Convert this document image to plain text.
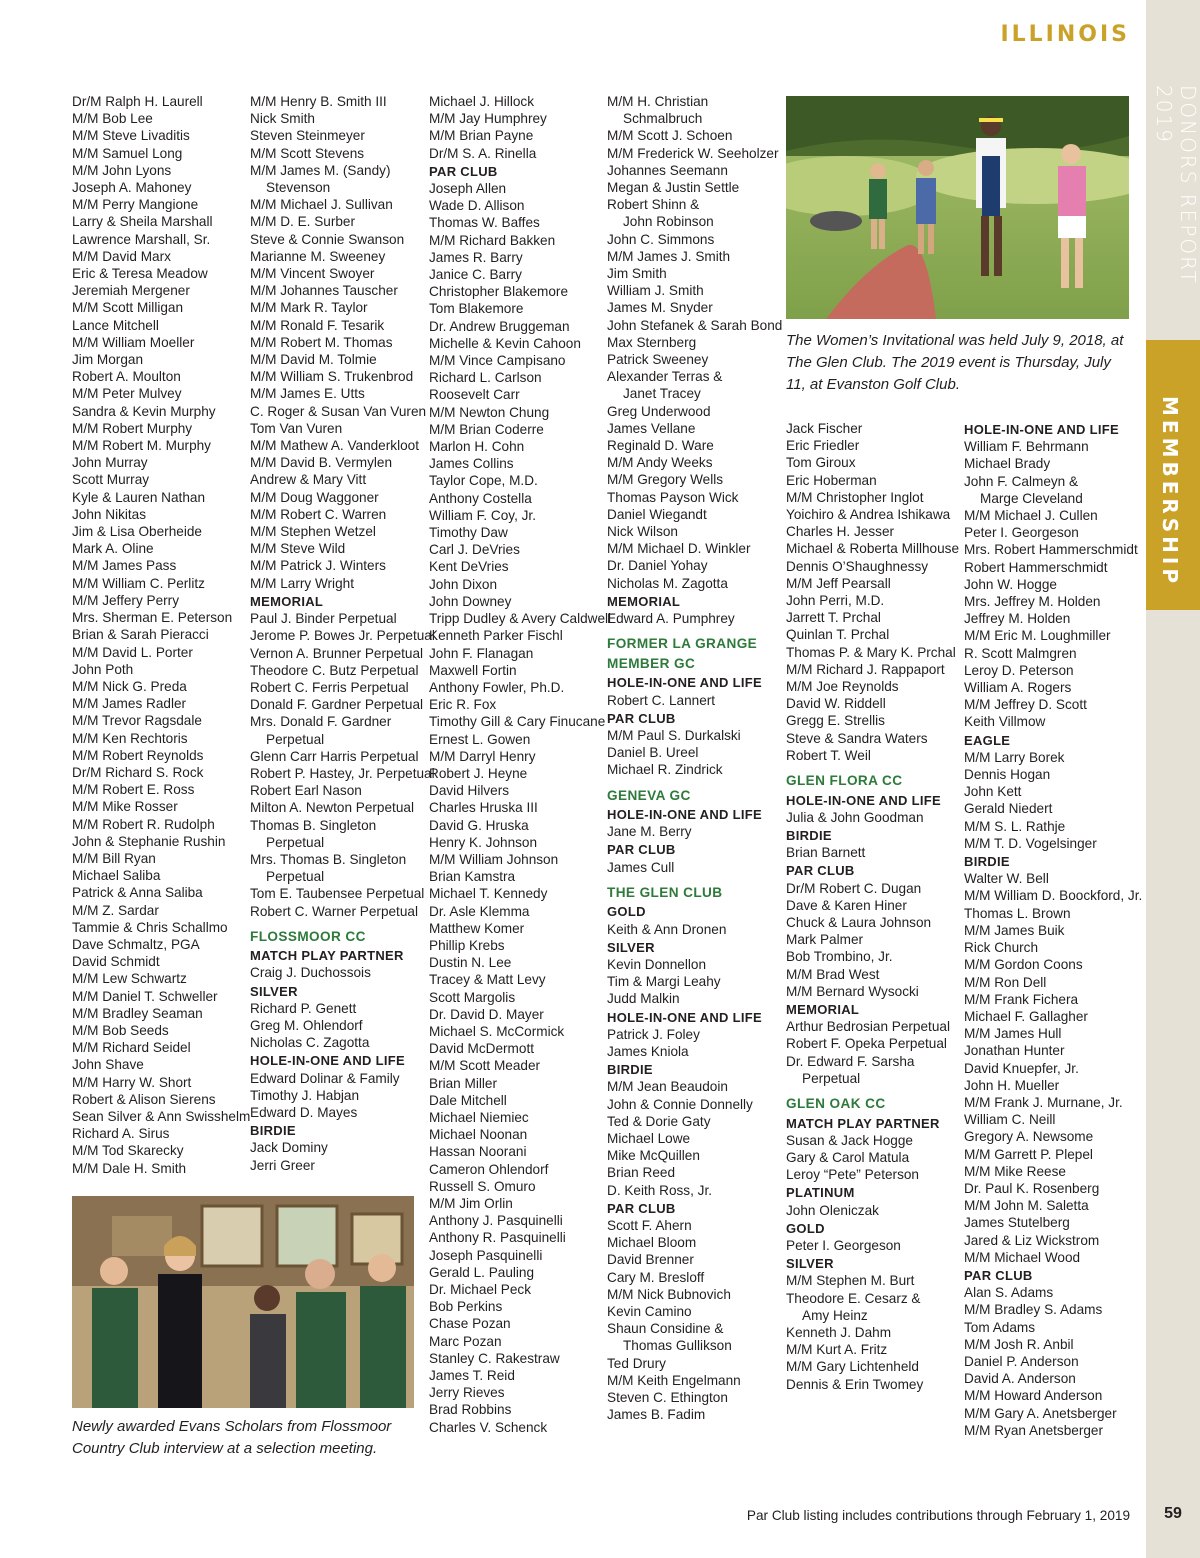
ILLINOIS
DONORS REPORT 2019
MEMBERSHIP
Dr/M Ralph H. Laurell
M/M Bob Lee
M/M Steve Livaditis
M/M Samuel Long
M/M John Lyons
Joseph A. Mahoney
M/M Perry Mangione
Larry & Sheila Marshall
Lawrence Marshall, Sr.
M/M David Marx
Eric & Teresa Meadow
Jeremiah Mergener
M/M Scott Milligan
Lance Mitchell
M/M William Moeller
Jim Morgan
Robert A. Moulton
M/M Peter Mulvey
Sandra & Kevin Murphy
M/M Robert Murphy
M/M Robert M. Murphy
John Murray
Scott Murray
Kyle & Lauren Nathan
John Nikitas
Jim & Lisa Oberheide
Mark A. Oline
M/M James Pass
M/M William C. Perlitz
M/M Jeffery Perry
Mrs. Sherman E. Peterson
Brian & Sarah Pieracci
M/M David L. Porter
John Poth
M/M Nick G. Preda
M/M James Radler
M/M Trevor Ragsdale
M/M Ken Rechtoris
M/M Robert Reynolds
Dr/M Richard S. Rock
M/M Robert E. Ross
M/M Mike Rosser
M/M Robert R. Rudolph
John & Stephanie Rushin
M/M Bill Ryan
Michael Saliba
Patrick & Anna Saliba
M/M Z. Sardar
Tammie & Chris Schallmo
Dave Schmaltz, PGA
David Schmidt
M/M Lew Schwartz
M/M Daniel T. Schweller
M/M Bradley Seaman
M/M Bob Seeds
M/M Richard Seidel
John Shave
M/M Harry W. Short
Robert & Alison Sierens
Sean Silver & Ann Swisshelm
Richard A. Sirus
M/M Tod Skarecky
M/M Dale H. Smith
M/M Henry B. Smith III
Nick Smith
Steven Steinmeyer
M/M Scott Stevens
M/M James M. (Sandy)
Stevenson
M/M Michael J. Sullivan
M/M D. E. Surber
Steve & Connie Swanson
Marianne M. Sweeney
M/M Vincent Swoyer
M/M Johannes Tauscher
M/M Mark R. Taylor
M/M Ronald F. Tesarik
M/M Robert M. Thomas
M/M David M. Tolmie
M/M William S. Trukenbrod
M/M James E. Utts
C. Roger & Susan Van Vuren
Tom Van Vuren
M/M Mathew A. Vanderkloot
M/M David B. Vermylen
Andrew & Mary Vitt
M/M Doug Waggoner
M/M Robert C. Warren
M/M Stephen Wetzel
M/M Steve Wild
M/M Patrick J. Winters
M/M Larry Wright
MEMORIAL
Paul J. Binder Perpetual
Jerome P. Bowes Jr. Perpetual
Vernon A. Brunner Perpetual
Theodore C. Butz Perpetual
Robert C. Ferris Perpetual
Donald F. Gardner Perpetual
Mrs. Donald F. Gardner
Perpetual
Glenn Carr Harris Perpetual
Robert P. Hastey, Jr. Perpetual
Robert Earl Nason
Milton A. Newton Perpetual
Thomas B. Singleton
Perpetual
Mrs. Thomas B. Singleton
Perpetual
Tom E. Taubensee Perpetual
Robert C. Warner Perpetual
FLOSSMOOR CC
MATCH PLAY PARTNER
Craig J. Duchossois
SILVER
Richard P. Genett
Greg M. Ohlendorf
Nicholas C. Zagotta
HOLE-IN-ONE AND LIFE
Edward Dolinar & Family
Timothy J. Habjan
Edward D. Mayes
BIRDIE
Jack Dominy
Jerri Greer
Michael J. Hillock
M/M Jay Humphrey
M/M Brian Payne
Dr/M S. A. Rinella
PAR CLUB
Joseph Allen
Wade D. Allison
Thomas W. Baffes
M/M Richard Bakken
James R. Barry
Janice C. Barry
Christopher Blakemore
Tom Blakemore
Dr. Andrew Bruggeman
Michelle & Kevin Cahoon
M/M Vince Campisano
Richard L. Carlson
Roosevelt Carr
M/M Newton Chung
M/M Brian Coderre
Marlon H. Cohn
James Collins
Taylor Cope, M.D.
Anthony Costella
William F. Coy, Jr.
Timothy Daw
Carl J. DeVries
Kent DeVries
John Dixon
John Downey
Tripp Dudley & Avery Caldwell
Kenneth Parker Fischl
John F. Flanagan
Maxwell Fortin
Anthony Fowler, Ph.D.
Eric R. Fox
Timothy Gill & Cary Finucane
Ernest L. Gowen
M/M Darryl Henry
Robert J. Heyne
David Hilvers
Charles Hruska III
David G. Hruska
Henry K. Johnson
M/M William Johnson
Brian Kamstra
Michael T. Kennedy
Dr. Asle Klemma
Matthew Komer
Phillip Krebs
Dustin N. Lee
Tracey & Matt Levy
Scott Margolis
Dr. David D. Mayer
Michael S. McCormick
David McDermott
M/M Scott Meader
Brian Miller
Dale Mitchell
Michael Niemiec
Michael Noonan
Hassan Noorani
Cameron Ohlendorf
Russell S. Omuro
M/M Jim Orlin
Anthony J. Pasquinelli
Anthony R. Pasquinelli
Joseph Pasquinelli
Gerald L. Pauling
Dr. Michael Peck
Bob Perkins
Chase Pozan
Marc Pozan
Stanley C. Rakestraw
James T. Reid
Jerry Rieves
Brad Robbins
Charles V. Schenck
M/M H. Christian
Schmalbruch
M/M Scott J. Schoen
M/M Frederick W. Seeholzer
Johannes Seemann
Megan & Justin Settle
Robert Shinn &
John Robinson
John C. Simmons
M/M James J. Smith
Jim Smith
William J. Smith
James M. Snyder
John Stefanek & Sarah Bond
Max Sternberg
Patrick Sweeney
Alexander Terras &
Janet Tracey
Greg Underwood
James Vellane
Reginald D. Ware
M/M Andy Weeks
M/M Gregory Wells
Thomas Payson Wick
Daniel Wiegandt
Nick Wilson
M/M Michael D. Winkler
Dr. Daniel Yohay
Nicholas M. Zagotta
MEMORIAL
Edward A. Pumphrey
FORMER LA GRANGE
MEMBER GC
HOLE-IN-ONE AND LIFE
Robert C. Lannert
PAR CLUB
M/M Paul S. Durkalski
Daniel B. Ureel
Michael R. Zindrick
GENEVA GC
HOLE-IN-ONE AND LIFE
Jane M. Berry
PAR CLUB
James Cull
THE GLEN CLUB
GOLD
Keith & Ann Dronen
SILVER
Kevin Donnellon
Tim & Margi Leahy
Judd Malkin
HOLE-IN-ONE AND LIFE
Patrick J. Foley
James Kniola
BIRDIE
M/M Jean Beaudoin
John & Connie Donnelly
Ted & Dorie Gaty
Michael Lowe
Mike McQuillen
Brian Reed
D. Keith Ross, Jr.
PAR CLUB
Scott F. Ahern
Michael Bloom
David Brenner
Cary M. Bresloff
M/M Nick Bubnovich
Kevin Camino
Shaun Considine &
Thomas Gullikson
Ted Drury
M/M Keith Engelmann
Steven C. Ethington
James B. Fadim
Jack Fischer
Eric Friedler
Tom Giroux
Eric Hoberman
M/M Christopher Inglot
Yoichiro & Andrea Ishikawa
Charles H. Jesser
Michael & Roberta Millhouse
Dennis O’Shaughnessy
M/M Jeff Pearsall
John Perri, M.D.
Jarrett T. Prchal
Quinlan T. Prchal
Thomas P. & Mary K. Prchal
M/M Richard J. Rappaport
M/M Joe Reynolds
David W. Riddell
Gregg E. Strellis
Steve & Sandra Waters
Robert T. Weil
GLEN FLORA CC
HOLE-IN-ONE AND LIFE
Julia & John Goodman
BIRDIE
Brian Barnett
PAR CLUB
Dr/M Robert C. Dugan
Dave & Karen Hiner
Chuck & Laura Johnson
Mark Palmer
Bob Trombino, Jr.
M/M Brad West
M/M Bernard Wysocki
MEMORIAL
Arthur Bedrosian Perpetual
Robert F. Opeka Perpetual
Dr. Edward F. Sarsha
Perpetual
GLEN OAK CC
MATCH PLAY PARTNER
Susan & Jack Hogge
Gary & Carol Matula
Leroy “Pete” Peterson
PLATINUM
John Oleniczak
GOLD
Peter I. Georgeson
SILVER
M/M Stephen M. Burt
Theodore E. Cesarz &
Amy Heinz
Kenneth J. Dahm
M/M Kurt A. Fritz
M/M Gary Lichtenheld
Dennis & Erin Twomey
HOLE-IN-ONE AND LIFE
William F. Behrmann
Michael Brady
John F. Calmeyn &
Marge Cleveland
M/M Michael J. Cullen
Peter I. Georgeson
Mrs. Robert Hammerschmidt
Robert Hammerschmidt
John W. Hogge
Mrs. Jeffrey M. Holden
Jeffrey M. Holden
M/M Eric M. Loughmiller
R. Scott Malmgren
Leroy D. Peterson
William A. Rogers
M/M Jeffrey D. Scott
Keith Villmow
EAGLE
M/M Larry Borek
Dennis Hogan
John Kett
Gerald Niedert
M/M S. L. Rathje
M/M T. D. Vogelsinger
BIRDIE
Walter W. Bell
M/M William D. Boockford, Jr.
Thomas L. Brown
M/M James Buik
Rick Church
M/M Gordon Coons
M/M Ron Dell
M/M Frank Fichera
Michael F. Gallagher
M/M James Hull
Jonathan Hunter
David Knuepfer, Jr.
John H. Mueller
M/M Frank J. Murnane, Jr.
William C. Neill
Gregory A. Newsome
M/M Garrett P. Plepel
M/M Mike Reese
Dr. Paul K. Rosenberg
M/M John M. Saletta
James Stutelberg
Jared & Liz Wickstrom
M/M Michael Wood
PAR CLUB
Alan S. Adams
M/M Bradley S. Adams
Tom Adams
M/M Josh R. Anbil
Daniel P. Anderson
David A. Anderson
M/M Howard Anderson
M/M Gary A. Anetsberger
M/M Ryan Anetsberger
The Women’s Invitational was held July 9, 2018, at The Glen Club. The 2019 event is Thursday, July 11, at Evanston Golf Club.
Newly awarded Evans Scholars from Flossmoor Country Club interview at a selection meeting.
Par Club listing includes contributions through February 1, 2019	59
